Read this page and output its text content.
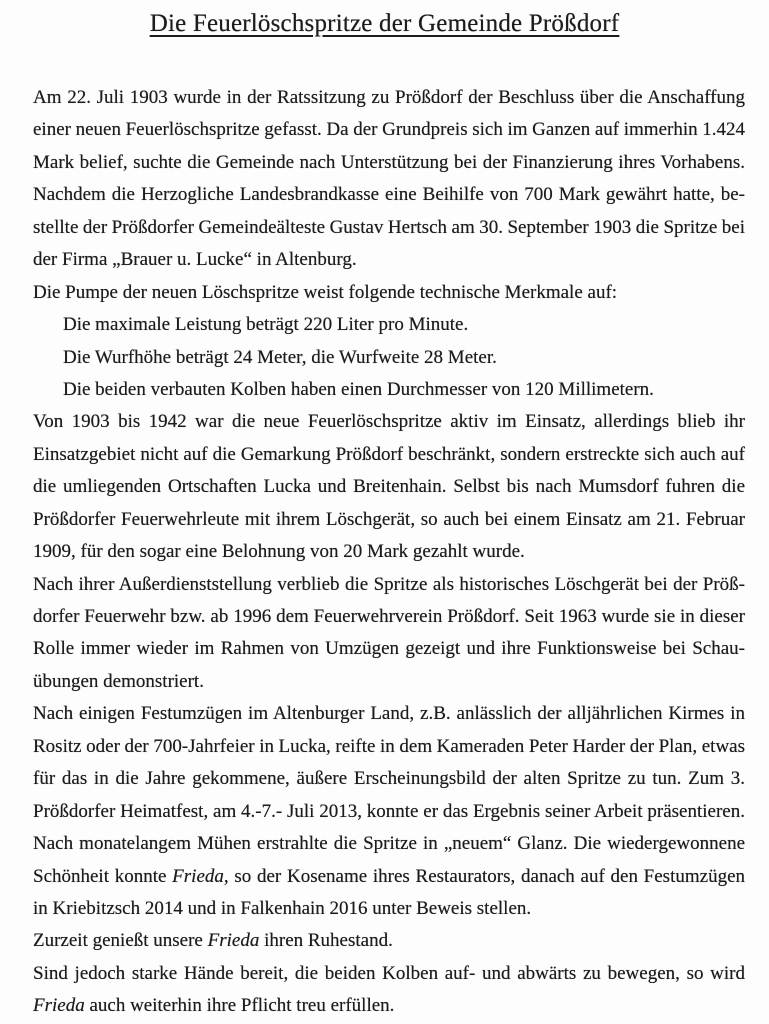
Die Feuerlöschspritze der Gemeinde Prößdorf
Am 22. Juli 1903 wurde in der Ratssitzung zu Prößdorf der Beschluss über die Anschaffung
einer neuen Feuerlöschspritze gefasst. Da der Grundpreis sich im Ganzen auf immerhin 1.424
Mark belief, suchte die Gemeinde nach Unterstützung bei der Finanzierung ihres Vorhabens.
Nachdem die Herzogliche Landesbrandkasse eine Beihilfe von 700 Mark gewährt hatte, be-
stellte der Prößdorfer Gemeindeälteste Gustav Hertsch am 30. September 1903 die Spritze bei
der Firma „Brauer u. Lucke“ in Altenburg.
Die Pumpe der neuen Löschspritze weist folgende technische Merkmale auf:
Die maximale Leistung beträgt 220 Liter pro Minute.
Die Wurfhöhe beträgt 24 Meter, die Wurfweite 28 Meter.
Die beiden verbauten Kolben haben einen Durchmesser von 120 Millimetern.
Von 1903 bis 1942 war die neue Feuerlöschspritze aktiv im Einsatz, allerdings blieb ihr
Einsatzgebiet nicht auf die Gemarkung Prößdorf beschränkt, sondern erstreckte sich auch auf
die umliegenden Ortschaften Lucka und Breitenhain. Selbst bis nach Mumsdorf fuhren die
Prößdorfer Feuerwehrleute mit ihrem Löschgerät, so auch bei einem Einsatz am 21. Februar
1909, für den sogar eine Belohnung von 20 Mark gezahlt wurde.
Nach ihrer Außerdienststellung verblieb die Spritze als historisches Löschgerät bei der Pröß-
dorfer Feuerwehr bzw. ab 1996 dem Feuerwehrverein Prößdorf. Seit 1963 wurde sie in dieser
Rolle immer wieder im Rahmen von Umzügen gezeigt und ihre Funktionsweise bei Schau-
übungen demonstriert.
Nach einigen Festumzügen im Altenburger Land, z.B. anlässlich der alljährlichen Kirmes in
Rositz oder der 700-Jahrfeier in Lucka, reifte in dem Kameraden Peter Harder der Plan, etwas
für das in die Jahre gekommene, äußere Erscheinungsbild der alten Spritze zu tun. Zum 3.
Prößdorfer Heimatfest, am 4.-7.- Juli 2013, konnte er das Ergebnis seiner Arbeit präsentieren.
Nach monatelangem Mühen erstrahlte die Spritze in „neuem“ Glanz. Die wiedergewonnene
Schönheit konnte Frieda, so der Kosename ihres Restaurators, danach auf den Festumzügen
in Kriebitzsch 2014 und in Falkenhain 2016 unter Beweis stellen.
Zurzeit genießt unsere Frieda ihren Ruhestand.
Sind jedoch starke Hände bereit, die beiden Kolben auf- und abwärts zu bewegen, so wird
Frieda auch weiterhin ihre Pflicht treu erfüllen.
